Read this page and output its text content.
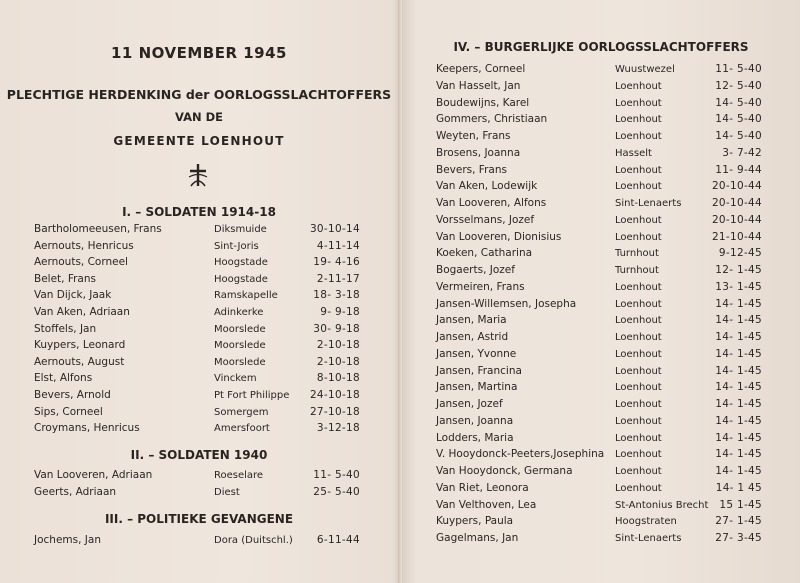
11 NOVEMBER 1945
PLECHTIGE HERDENKING der OORLOGSSLACHTOFFERS
VAN DE
GEMEENTE LOENHOUT
I. – SOLDATEN 1914-18
Bartholomeeusen, Frans	Diksmuide	30-10-14
Aernouts, Henricus	Sint-Joris	4-11-14
Aernouts, Corneel	Hoogstade	19- 4-16
Belet, Frans	Hoogstade	2-11-17
Van Dijck, Jaak	Ramskapelle	18- 3-18
Van Aken, Adriaan	Adinkerke	9- 9-18
Stoffels, Jan	Moorslede	30- 9-18
Kuypers, Leonard	Moorslede	2-10-18
Aernouts, August	Moorslede	2-10-18
Elst, Alfons	Vinckem	8-10-18
Bevers, Arnold	Pt Fort Philippe	24-10-18
Sips, Corneel	Somergem	27-10-18
Croymans, Henricus	Amersfoort	3-12-18
II. – SOLDATEN 1940
Van Looveren, Adriaan	Roeselare	11- 5-40
Geerts, Adriaan	Diest	25- 5-40
III. – POLITIEKE GEVANGENE
Jochems, Jan	Dora (Duitschl.)	6-11-44
IV. – BURGERLIJKE OORLOGSSLACHTOFFERS
Keepers, Corneel	Wuustwezel	11- 5-40
Van Hasselt, Jan	Loenhout	12- 5-40
Boudewijns, Karel	Loenhout	14- 5-40
Gommers, Christiaan	Loenhout	14- 5-40
Weyten, Frans	Loenhout	14- 5-40
Brosens, Joanna	Hasselt	3- 7-42
Bevers, Frans	Loenhout	11- 9-44
Van Aken, Lodewijk	Loenhout	20-10-44
Van Looveren, Alfons	Sint-Lenaerts	20-10-44
Vorsselmans, Jozef	Loenhout	20-10-44
Van Looveren, Dionisius	Loenhout	21-10-44
Koeken, Catharina	Turnhout	9-12-45
Bogaerts, Jozef	Turnhout	12- 1-45
Vermeiren, Frans	Loenhout	13- 1-45
Jansen-Willemsen, Josepha	Loenhout	14- 1-45
Jansen, Maria	Loenhout	14- 1-45
Jansen, Astrid	Loenhout	14- 1-45
Jansen, Yvonne	Loenhout	14- 1-45
Jansen, Francina	Loenhout	14- 1-45
Jansen, Martina	Loenhout	14- 1-45
Jansen, Jozef	Loenhout	14- 1-45
Jansen, Joanna	Loenhout	14- 1-45
Lodders, Maria	Loenhout	14- 1-45
V. Hooydonck-Peeters,Josephina Loenhout	14- 1-45
Van Hooydonck, Germana	Loenhout	14- 1-45
Van Riet, Leonora	Loenhout	14- 1 45
Van Velthoven, Lea	St-Antonius Brecht	15 1-45
Kuypers, Paula	Hoogstraten	27- 1-45
Gagelmans, Jan	Sint-Lenaerts	27- 3-45
